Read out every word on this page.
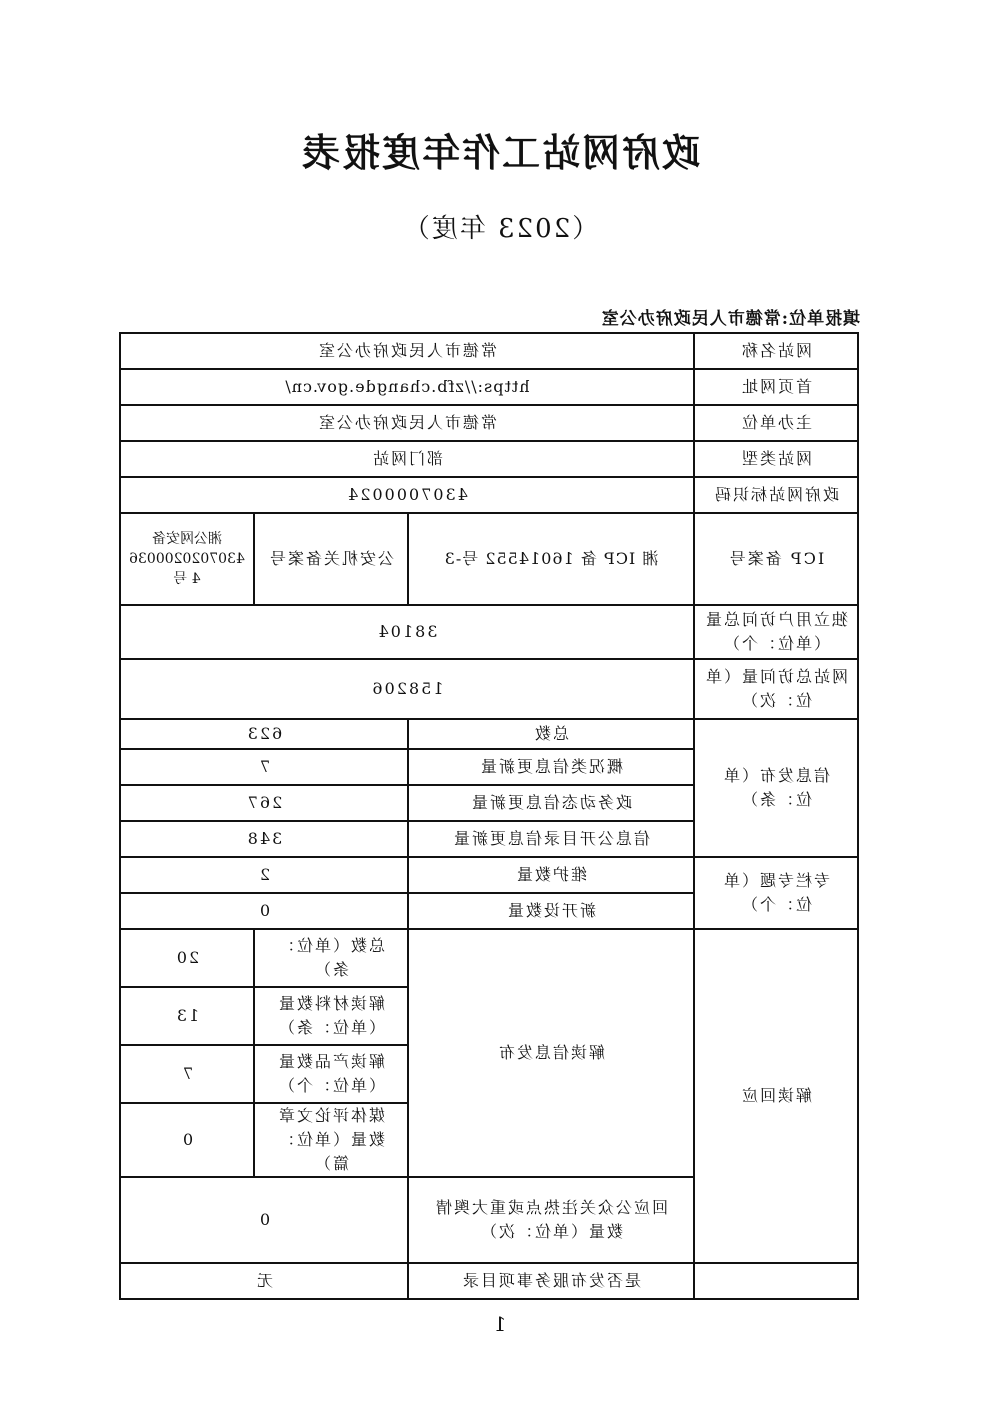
政府网站工作年度报表
（2023 年度）
填报单位:常德市人民政府办公室
网站名称	常德市人民政府办公室		
首页网址	https://zfb.changde.gov.cn/		
主办单位	常德市人民政府办公室		
网站类型	部门网站		
政府网站标识码	4307000024		
ICP 备案号	湘 ICP 备 16014552 号-3	公安机关备案号	湘公网安备 43070202000364 号
独立用户访问总量（单位：个）	38104		
网站总访问量（单位：次）	158206		
信息发布（单位：条）	总数	623	
	概况类信息更新量	7	
	政务动态信息更新量	267	
	信息公开目录信息更新量	348	
专栏专题（单位：个）	维护数量	2	
	新开设数量	0	
解读回应	解读信息发布	总数（单位：条）	20
		解读材料数量（单位：条）	13
		解读产品数量（单位：个）	7
		媒体评论文章数量（单位：篇）	0
	回应公众关注热点或重大舆情数量（单位：次）	0	
	是否发布服务事项目录	无	
1
